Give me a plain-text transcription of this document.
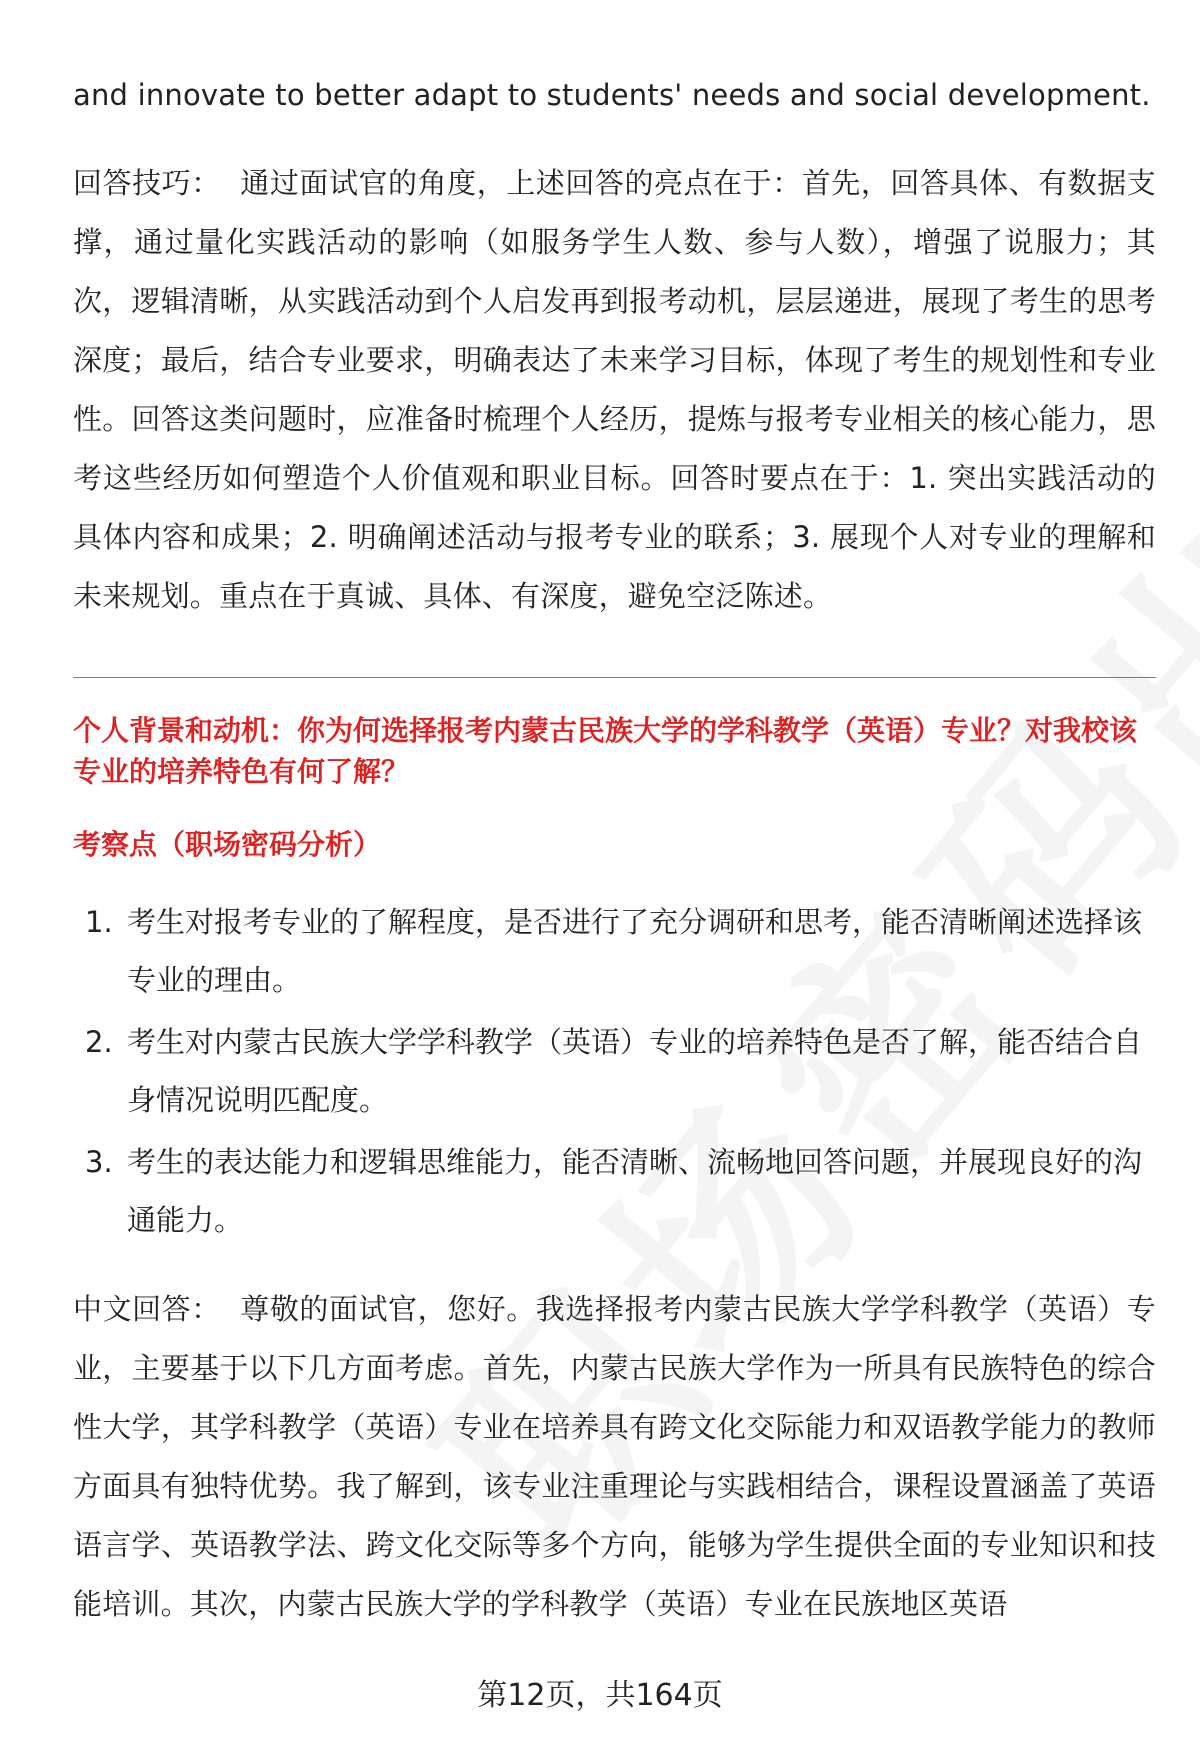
and innovate to better adapt to students' needs and social development.

回答技巧： 通过面试官的角度，上述回答的亮点在于：首先，回答具体、有数据支撑，通过量化实践活动的影响（如服务学生人数、参与人数），增强了说服力；其次，逻辑清晰，从实践活动到个人启发再到报考动机，层层递进，展现了考生的思考深度；最后，结合专业要求，明确表达了未来学习目标，体现了考生的规划性和专业性。回答这类问题时，应准备时梳理个人经历，提炼与报考专业相关的核心能力，思考这些经历如何塑造个人价值观和职业目标。回答时要点在于：1. 突出实践活动的具体内容和成果；2. 明确阐述活动与报考专业的联系；3. 展现个人对专业的理解和未来规划。重点在于真诚、具体、有深度，避免空泛陈述。

个人背景和动机：你为何选择报考内蒙古民族大学的学科教学（英语）专业？对我校该专业的培养特色有何了解？

考察点（职场密码分析）

1. 考生对报考专业的了解程度，是否进行了充分调研和思考，能否清晰阐述选择该专业的理由。
2. 考生对内蒙古民族大学学科教学（英语）专业的培养特色是否了解，能否结合自身情况说明匹配度。
3. 考生的表达能力和逻辑思维能力，能否清晰、流畅地回答问题，并展现良好的沟通能力。

中文回答： 尊敬的面试官，您好。我选择报考内蒙古民族大学学科教学（英语）专业，主要基于以下几方面考虑。首先，内蒙古民族大学作为一所具有民族特色的综合性大学，其学科教学（英语）专业在培养具有跨文化交际能力和双语教学能力的教师方面具有独特优势。我了解到，该专业注重理论与实践相结合，课程设置涵盖了英语语言学、英语教学法、跨文化交际等多个方向，能够为学生提供全面的专业知识和技能培训。其次，内蒙古民族大学的学科教学（英语）专业在民族地区英语

第12页，共164页
